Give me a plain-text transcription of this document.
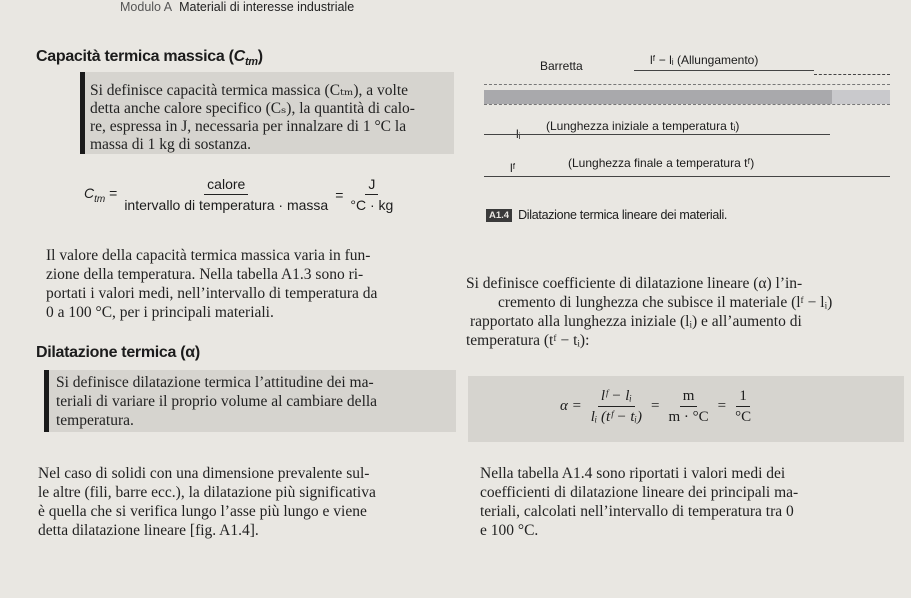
Modulo A Materiali di interesse industriale
Capacità termica massica $(C_{tm})$
Si definisce capacità termica massica (Cₜₘ), a volte
detta anche calore specifico (Cₛ), la quantità di calo-
re, espressa in J, necessaria per innalzare di 1 °C la
massa di 1 kg di sostanza.
$C_{tm} = \frac{\text{calore}}{\text{intervallo di temperatura · massa}} = \frac{J}{^\circ C \cdot kg}$
Il valore della capacità termica massica varia in fun-
zione della temperatura. Nella tabella A1.3 sono ri-
portati i valori medi, nell’intervallo di temperatura da
0 a 100 °C, per i principali materiali.
Dilatazione termica (α)
Si definisce dilatazione termica l’attitudine dei ma-
teriali di variare il proprio volume al cambiare della
temperatura.
Nel caso di solidi con una dimensione prevalente sul-
le altre (fili, barre ecc.), la dilatazione più significativa
è quella che si verifica lungo l’asse più lungo e viene
detta dilatazione lineare [fig. A1.4].
Barretta	lᶠ − lᵢ (Allungamento)
lᵢ
(Lunghezza iniziale a temperatura tᵢ)
lᶠ	(Lunghezza finale a temperatura tᶠ)
A1.4 Dilatazione termica lineare dei materiali.
Si definisce coefficiente di dilatazione lineare (α) l’in-
cremento di lunghezza che subisce il materiale (lᶠ − lᵢ)
rapportato alla lunghezza iniziale (lᵢ) e all’aumento di
temperatura (tᶠ − tᵢ):
$\alpha = \frac{\text{lᶠ − lᵢ}}{\text{lᵢ (tᶠ − tᵢ)}} = \frac{m}{m \cdot ^\circ C} = \frac{1}{^\circ C}$
Nella tabella A1.4 sono riportati i valori medi dei
coefficienti di dilatazione lineare dei principali ma-
teriali, calcolati nell’intervallo di temperatura tra 0
e 100 °C.
